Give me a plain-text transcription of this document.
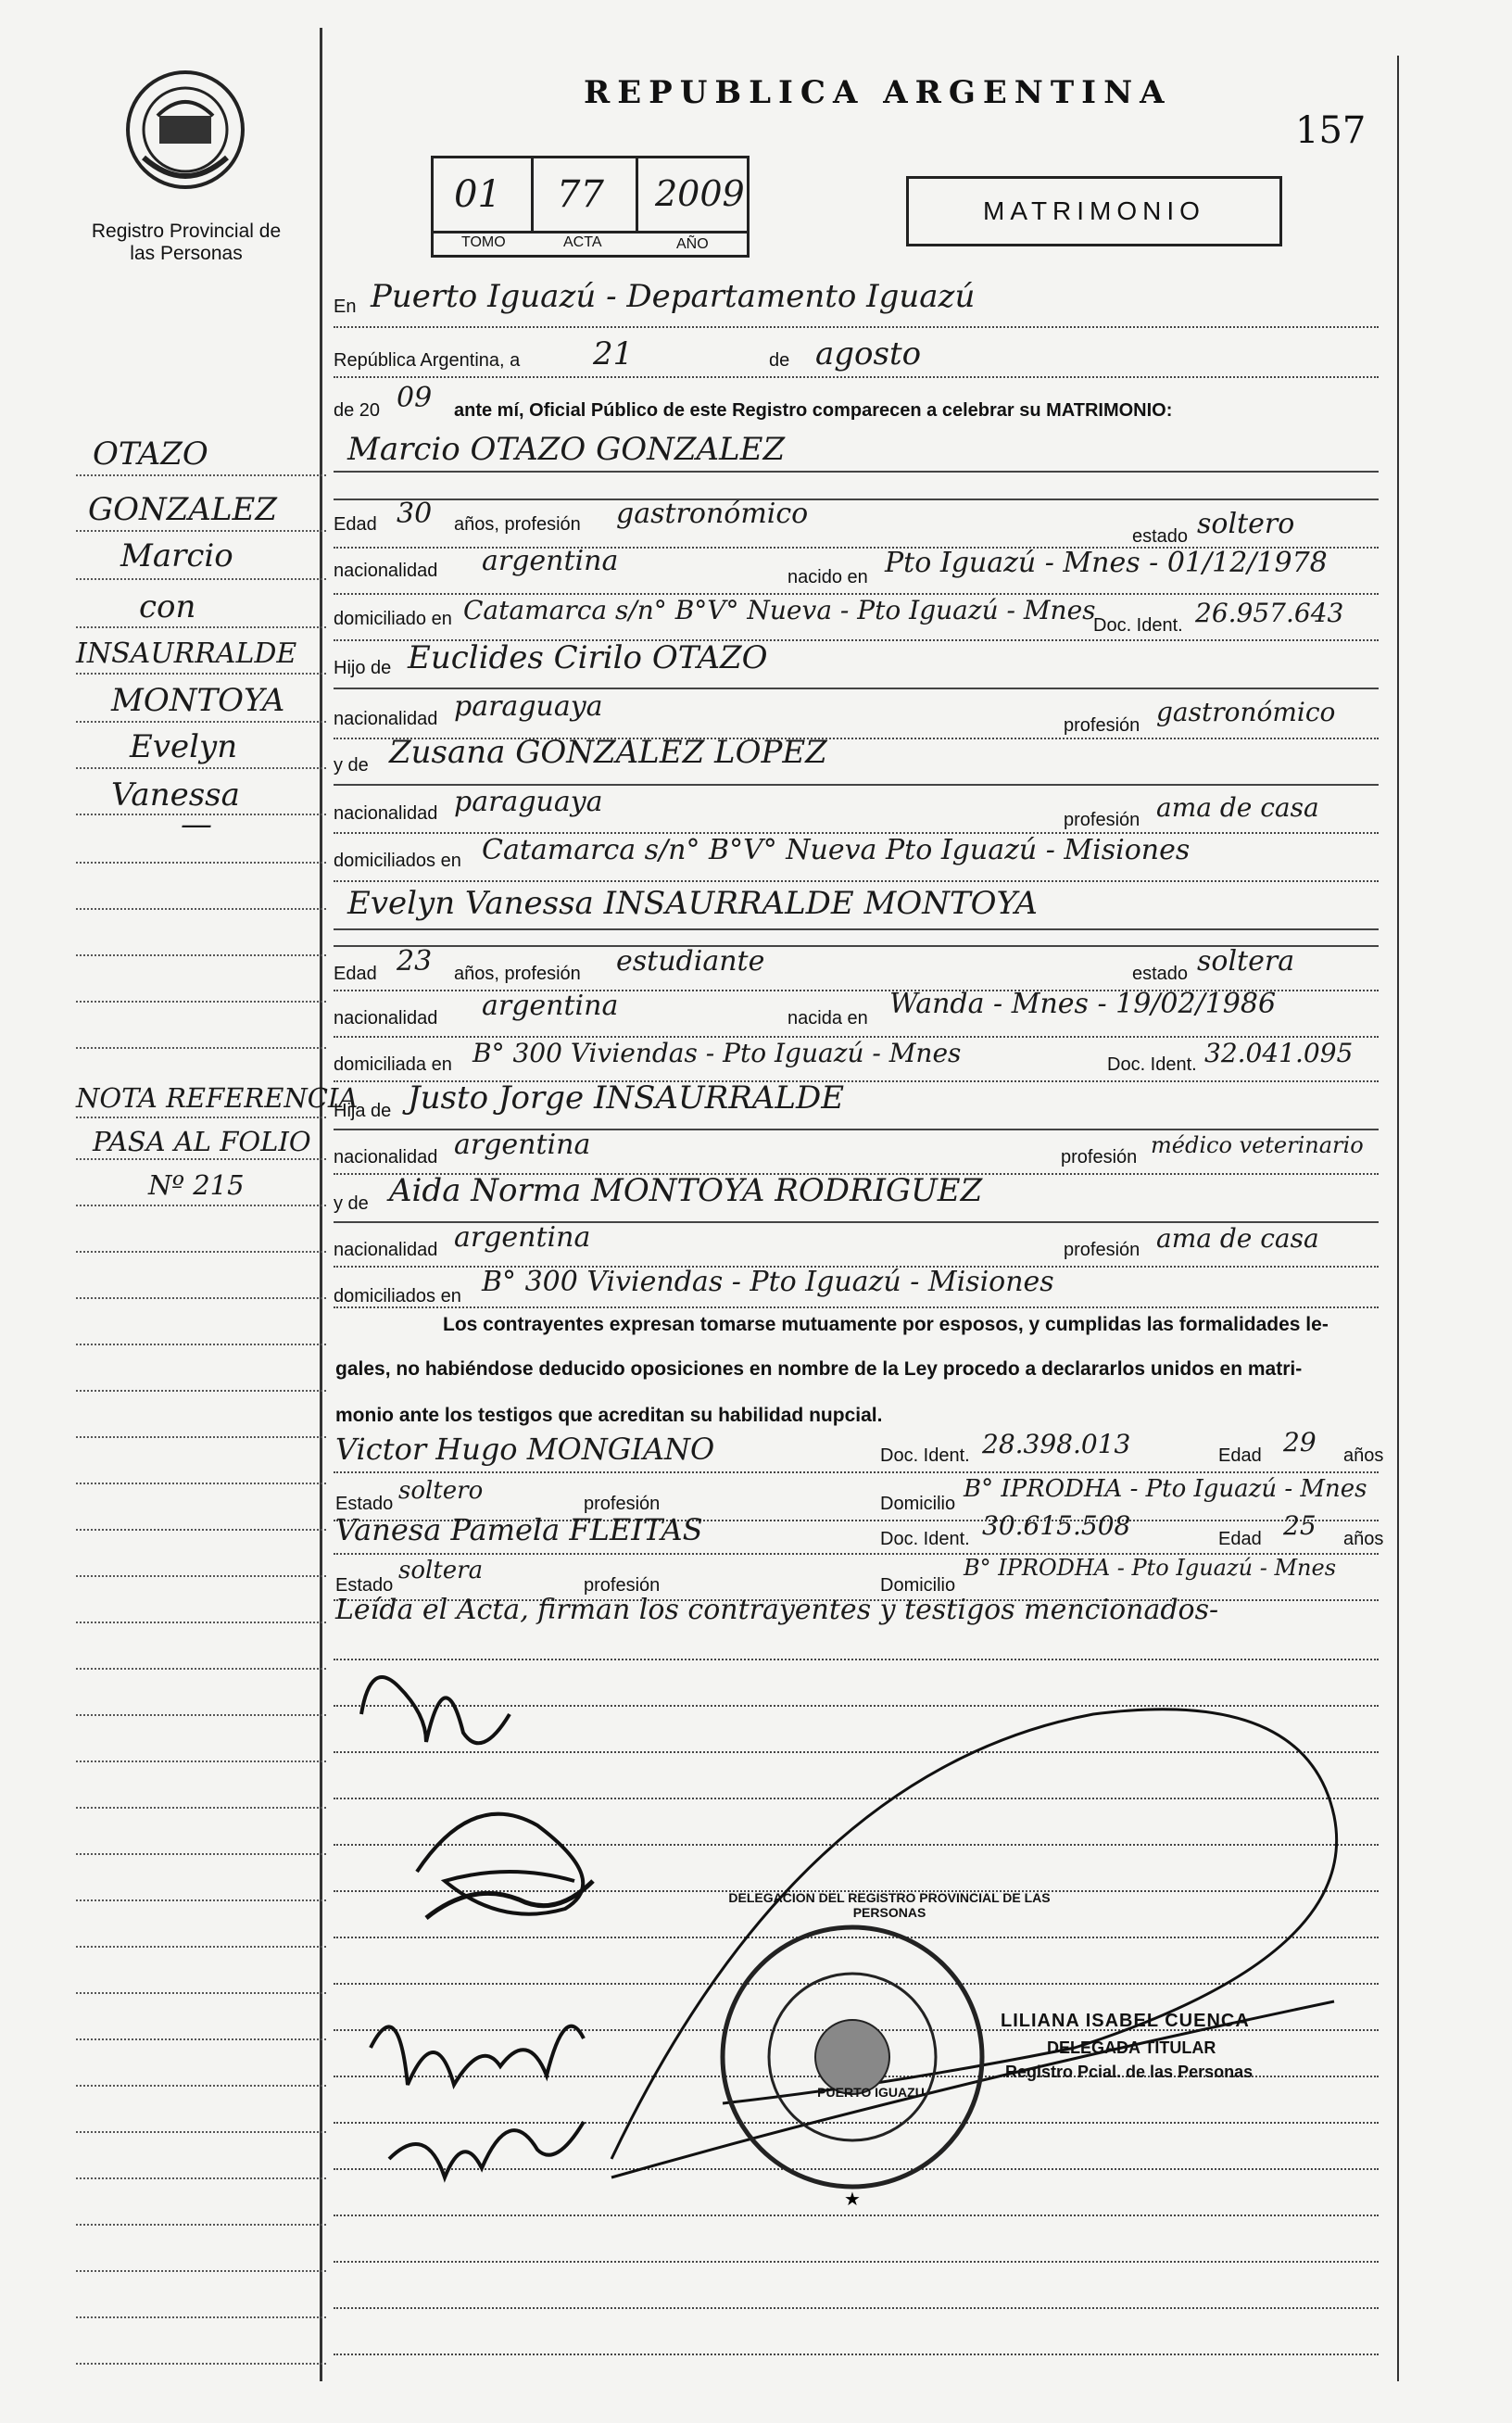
Registro Provincial de las Personas
REPUBLICA ARGENTINA
157
01 77 2009
TOMO	ACTA	AÑO
MATRIMONIO
OTAZO
GONZALEZ
Marcio
con
INSAURRALDE
MONTOYA
Evelyn
Vanessa
—
NOTA REFERENCIA
PASA AL FOLIO
Nº 215
En Puerto Iguazú - Departamento Iguazú
República Argentina, a 21	de agosto
de 20 09 ante mí, Oficial Público de este Registro comparecen a celebrar su MATRIMONIO:
Marcio OTAZO GONZALEZ
Edad 30 años, profesión gastronómico
estado soltero
nacionalidad argentina	nacido en Pto Iguazú - Mnes - 01/12/1978
domiciliado en Catamarca s/n° B°V° Nueva - Pto Iguazú - Mnes
Doc. Ident. 26.957.643
Hijo de Euclides Cirilo OTAZO
nacionalidad paraguaya
profesión gastronómico
y de Zusana GONZALEZ LOPEZ
nacionalidad paraguaya
profesión ama de casa
domiciliados en Catamarca s/n° B°V° Nueva Pto Iguazú - Misiones
Evelyn Vanessa INSAURRALDE MONTOYA
Edad 23 años, profesión estudiante	estado soltera
nacionalidad argentina	nacida en Wanda - Mnes - 19/02/1986
domiciliada en B° 300 Viviendas - Pto Iguazú - Mnes	Doc. Ident. 32.041.095
Hija de Justo Jorge INSAURRALDE
nacionalidad argentina	profesión médico veterinario
y de Aida Norma MONTOYA RODRIGUEZ
nacionalidad argentina	profesión ama de casa
domiciliados en B° 300 Viviendas - Pto Iguazú - Misiones
Los contrayentes expresan tomarse mutuamente por esposos, y cumplidas las formalidades le-
gales, no habiéndose deducido oposiciones en nombre de la Ley procedo a declararlos unidos en matri-
monio ante los testigos que acreditan su habilidad nupcial.
Victor Hugo MONGIANO	Doc. Ident. 28.398.013	Edad 29 años
Estado soltero	profesión	Domicilio
B° IPRODHA - Pto Iguazú - Mnes
Vanesa Pamela FLEITAS	Doc. Ident. 30.615.508	Edad 25 años
Estado
soltera
profesión	Domicilio
B° IPRODHA - Pto Iguazú - Mnes
Leída el Acta, firman los contrayentes y testigos mencionados-
★
DELEGACION DEL REGISTRO PROVINCIAL DE LAS PERSONAS
PUERTO IGUAZU
LILIANA ISABEL CUENCA
DELEGADA TITULAR
Registro Pcial. de las Personas
